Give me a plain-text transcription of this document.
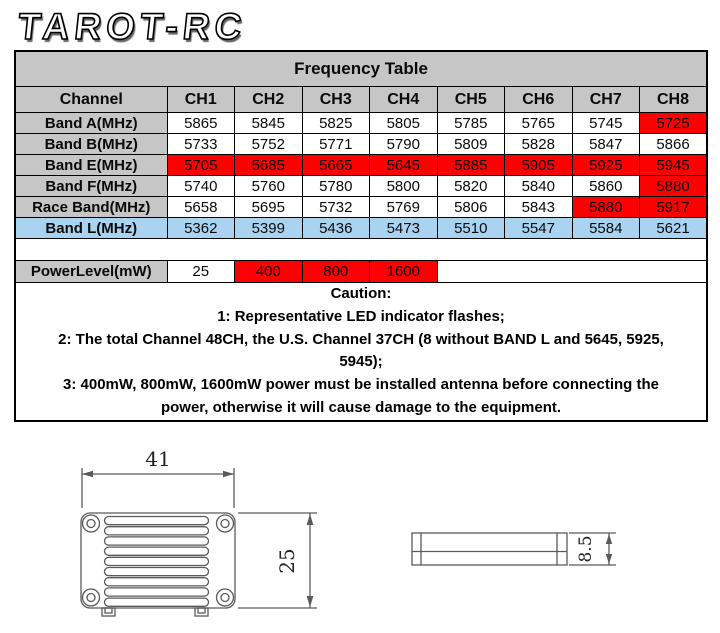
TAROT-RC
Frequency Table								
Channel	CH1	CH2	CH3	CH4	CH5	CH6	CH7	CH8
Band A(MHz)	5865	5845	5825	5805	5785	5765	5745	5725
Band B(MHz)	5733	5752	5771	5790	5809	5828	5847	5866
Band E(MHz)	5705	5685	5665	5645	5885	5905	5925	5945
Band F(MHz)	5740	5760	5780	5800	5820	5840	5860	5880
Race Band(MHz)	5658	5695	5732	5769	5806	5843	5880	5917
Band L(MHz)	5362	5399	5436	5473	5510	5547	5584	5621

PowerLevel(mW)	25	400	800	1600				

Caution:
1: Representative LED indicator flashes;
2: The total Channel 48CH, the U.S. Channel 37CH (8 without BAND L and 5645, 5925,
5945);
3: 400mW, 800mW, 1600mW power must be installed antenna before connecting the
power, otherwise it will cause damage to the equipment.
41
25	8.5
